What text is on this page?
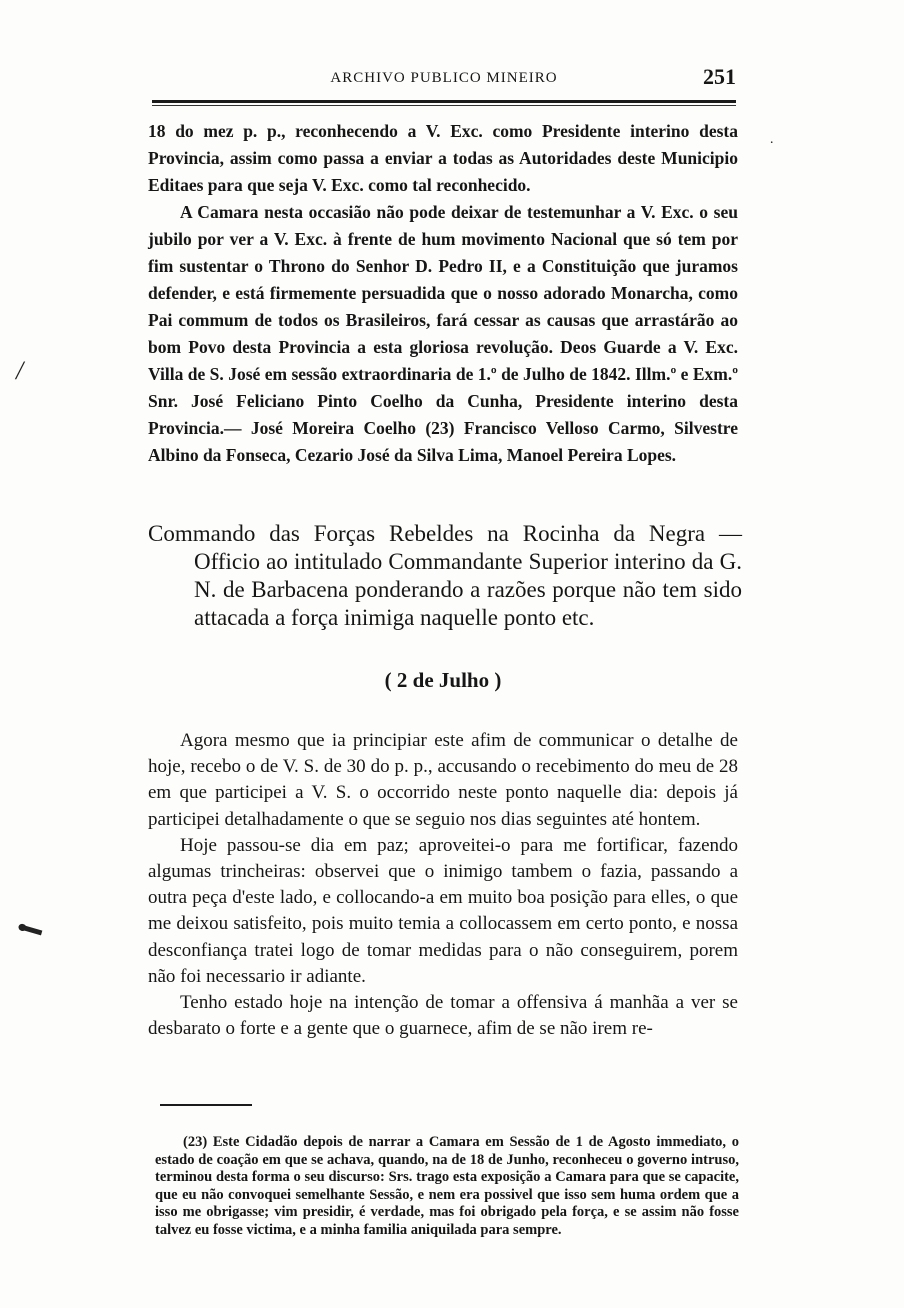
ARCHIVO PUBLICO MINEIRO	251
·

18 do mez p. p., reconhecendo a V. Exc. como Presidente interino desta Provincia, assim como passa a enviar a todas as Autoridades deste Municipio Editaes para que seja V. Exc. como tal reconhecido.

A Camara nesta occasião não pode deixar de testemunhar a V. Exc. o seu jubilo por ver a V. Exc. à frente de hum movimento Nacional que só tem por fim sustentar o Throno do Senhor D. Pedro II, e a Constituição que juramos defender, e está firmemente persuadida que o nosso adorado Monarcha, como Pai commum de todos os Brasileiros, fará cessar as causas que arrastárão ao bom Povo desta Provincia a esta gloriosa revolução. Deos Guarde a V. Exc. Villa de S. José em sessão extraordinaria de 1.º de Julho de 1842. Illm.º e Exm.º Snr. José Feliciano Pinto Coelho da Cunha, Presidente interino desta Provincia.— José Moreira Coelho (23) Francisco Velloso Carmo, Silvestre Albino da Fonseca, Cezario José da Silva Lima, Manoel Pereira Lopes.

/

Commando das Forças Rebeldes na Rocinha da Negra — Officio ao intitulado Commandante Superior interino da G. N. de Barbacena ponderando a razões porque não tem sido attacada a força inimiga naquelle ponto etc.

( 2 de Julho )

Agora mesmo que ia principiar este afim de communicar o detalhe de hoje, recebo o de V. S. de 30 do p. p., accusando o recebimento do meu de 28 em que participei a V. S. o occorrido neste ponto naquelle dia: depois já participei detalhadamente o que se seguio nos dias seguintes até hontem.

Hoje passou-se dia em paz; aproveitei-o para me fortificar, fazendo algumas trincheiras: observei que o inimigo tambem o fazia, passando a outra peça d'este lado, e collocando-a em muito boa posição para elles, o que me deixou satisfeito, pois muito temia a collocassem em certo ponto, e nossa desconfiança tratei logo de tomar medidas para o não conseguirem, porem não foi necessario ir adiante.

Tenho estado hoje na intenção de tomar a offensiva á manhãa a ver se desbarato o forte e a gente que o guarnece, afim de se não irem re-

(23) Este Cidadão depois de narrar a Camara em Sessão de 1 de Agosto immediato, o estado de coação em que se achava, quando, na de 18 de Junho, reconheceu o governo intruso, terminou desta forma o seu discurso: Srs. trago esta exposição a Camara para que se capacite, que eu não convoquei semelhante Sessão, e nem era possivel que isso sem huma ordem que a isso me obrigasse; vim presidir, é verdade, mas foi obrigado pela força, e se assim não fosse talvez eu fosse victima, e a minha familia aniquilada para sempre.
